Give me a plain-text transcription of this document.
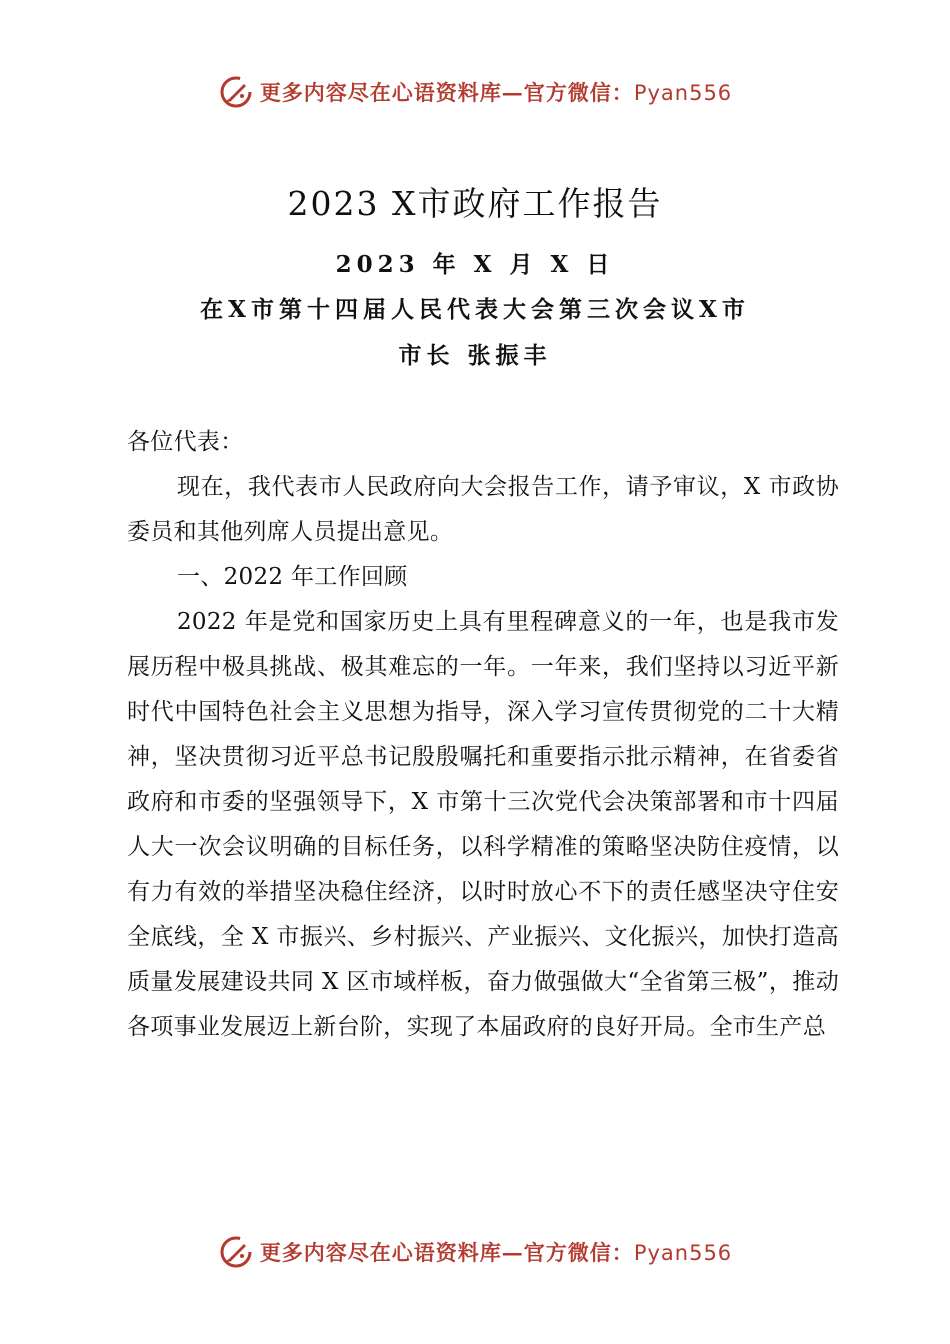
更多内容尽在心语资料库—官方微信：Pyan556
2023 X市政府工作报告
2023 年 X 月 X 日
在X市第十四届人民代表大会第三次会议X市
市长 张振丰

各位代表：

现在，我代表市人民政府向大会报告工作，请予审议，X 市政协委员和其他列席人员提出意见。

一、2022 年工作回顾

2022 年是党和国家历史上具有里程碑意义的一年，也是我市发展历程中极具挑战、极其难忘的一年。一年来，我们坚持以习近平新时代中国特色社会主义思想为指导，深入学习宣传贯彻党的二十大精神，坚决贯彻习近平总书记殷殷嘱托和重要指示批示精神，在省委省政府和市委的坚强领导下，X 市第十三次党代会决策部署和市十四届人大一次会议明确的目标任务，以科学精准的策略坚决防住疫情，以有力有效的举措坚决稳住经济，以时时放心不下的责任感坚决守住安全底线，全 X 市振兴、乡村振兴、产业振兴、文化振兴，加快打造高质量发展建设共同 X 区市域样板，奋力做强做大“全省第三极”，推动各项事业发展迈上新台阶，实现了本届政府的良好开局。全市生产总

更多内容尽在心语资料库—官方微信：Pyan556
